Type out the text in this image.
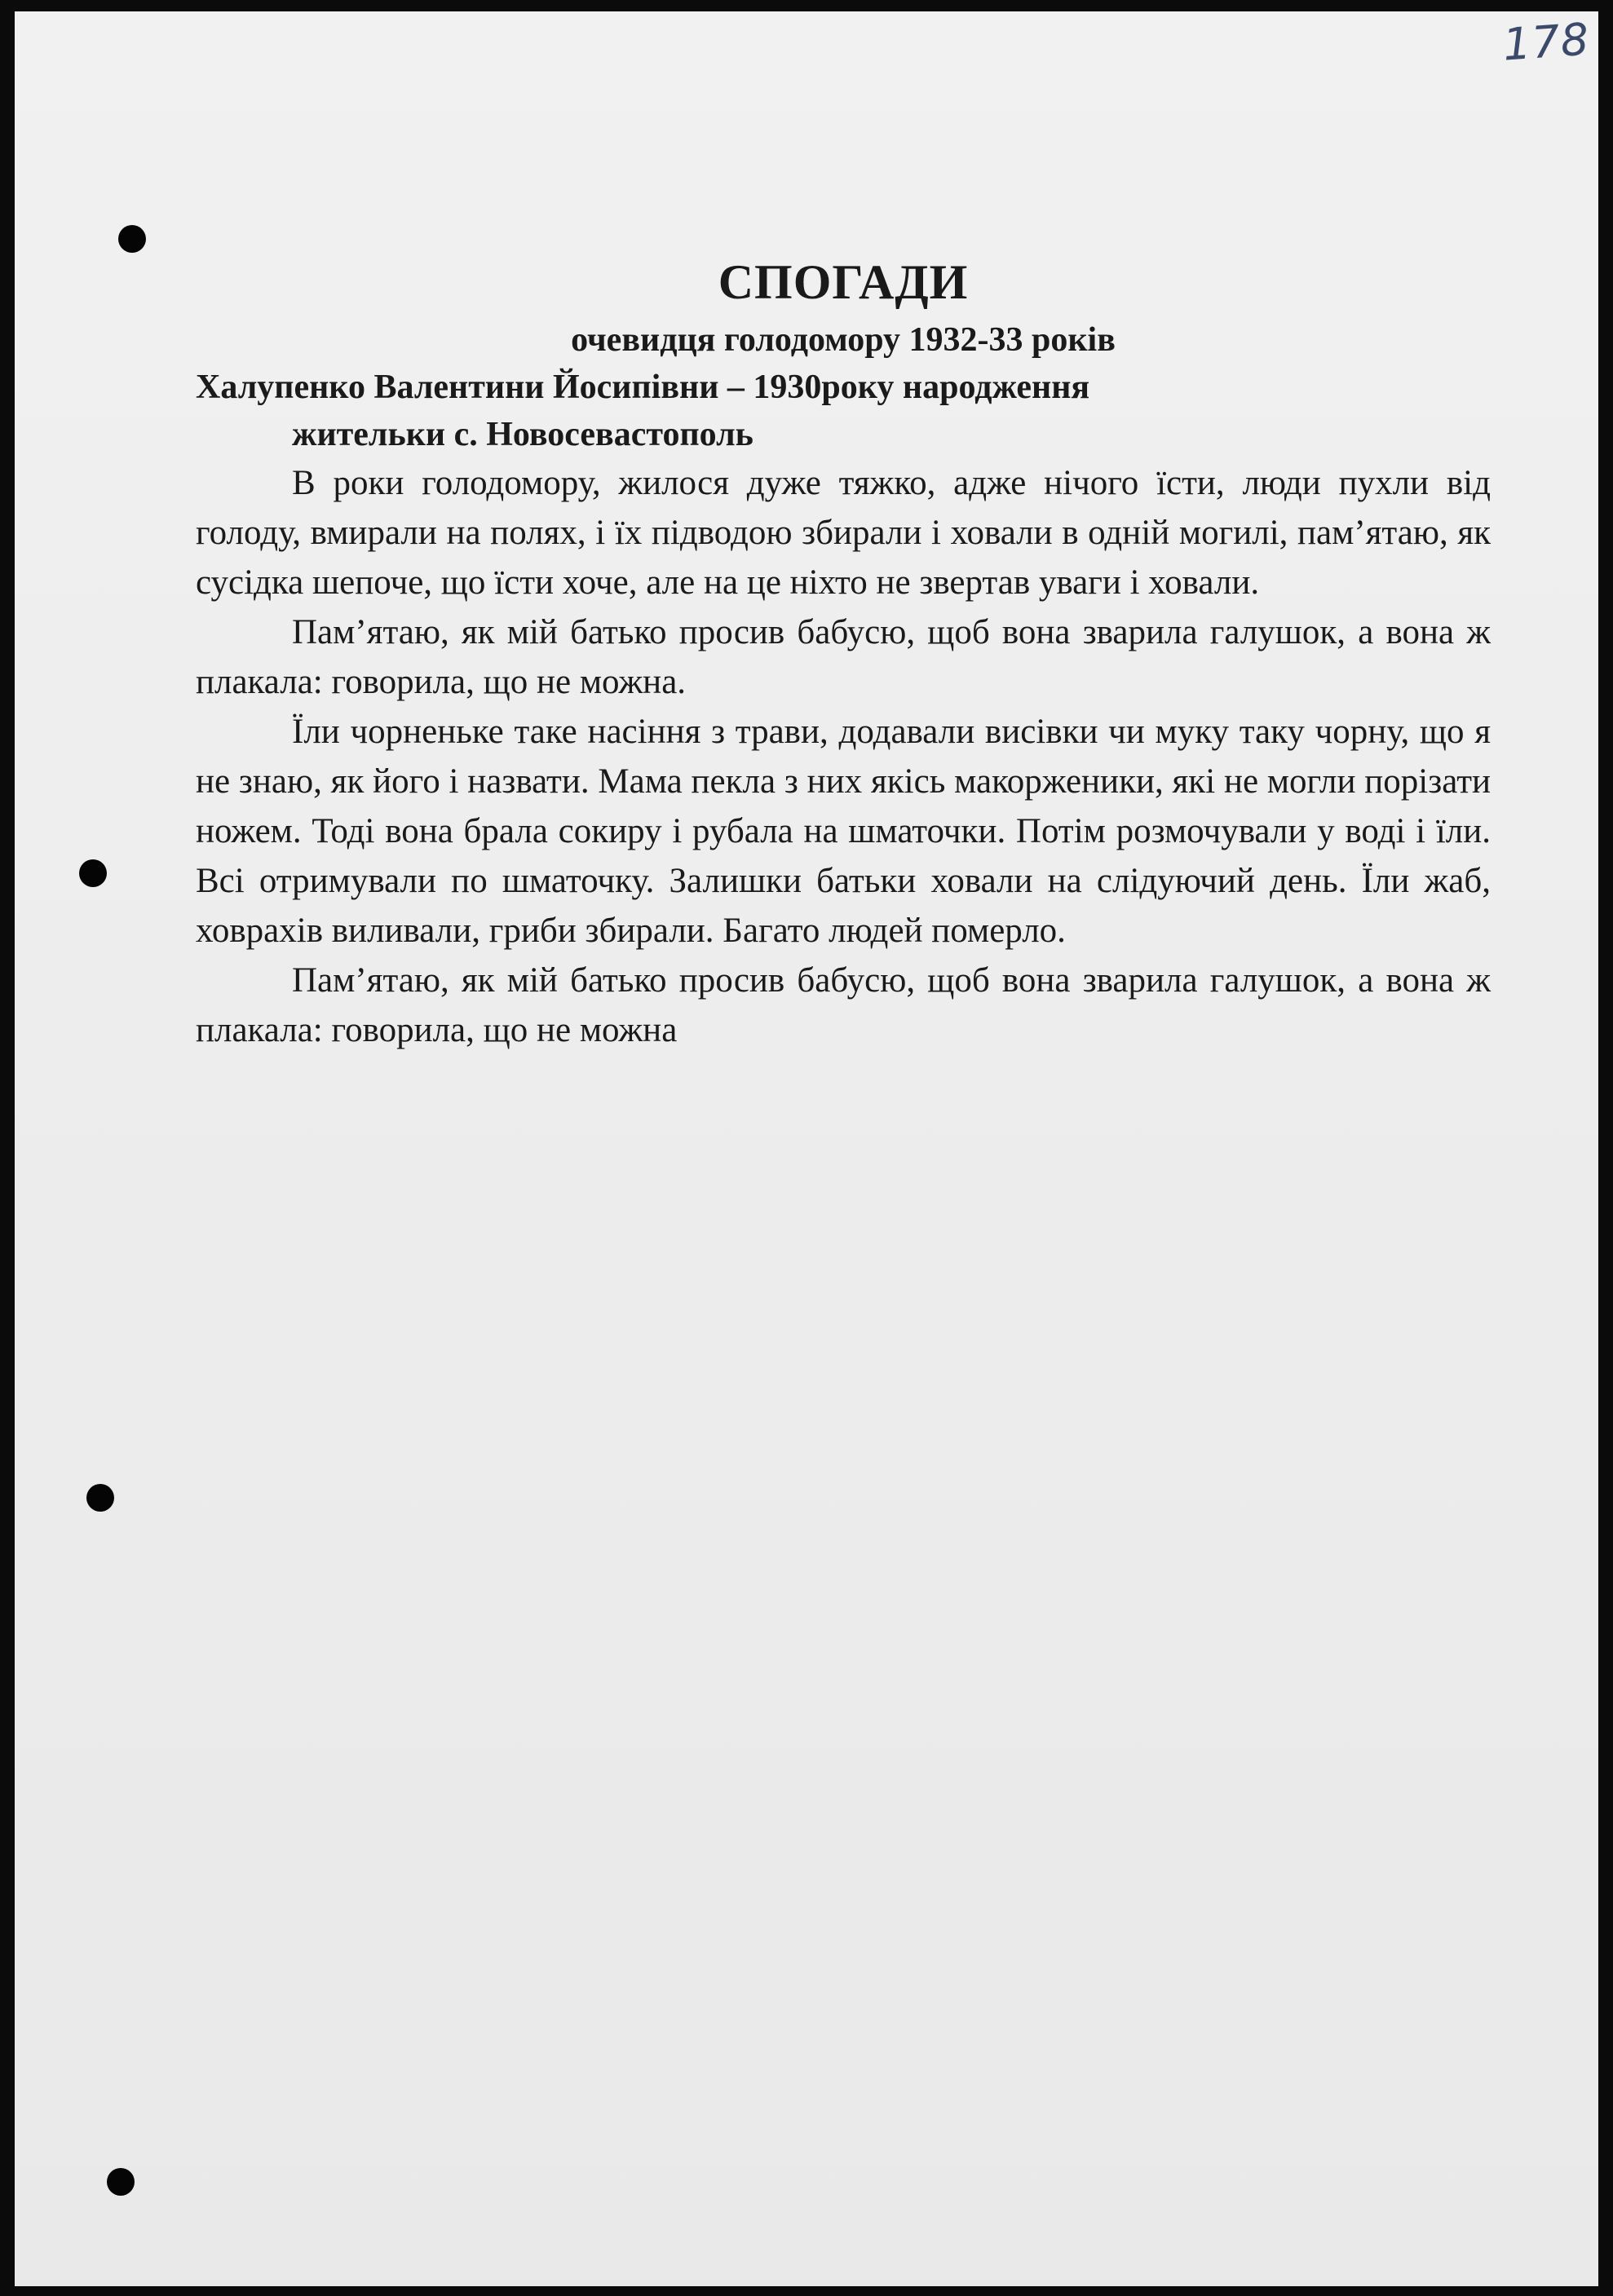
178
СПОГАДИ

очевидця голодомору 1932-33 років

Халупенко Валентини Йосипівни – 1930року народження

жительки с. Новосевастополь

В роки голодомору, жилося дуже тяжко, адже нічого їсти, люди пухли від голоду, вмирали на полях, і їх підводою збирали і ховали в одній могилі, пам’ятаю, як сусідка шепоче, що їсти хоче, але на це ніхто не звертав уваги і ховали.

Пам’ятаю, як мій батько просив бабусю, щоб вона зварила галушок, а вона ж плакала: говорила, що не можна.

Їли чорненьке таке насіння з трави, додавали висівки чи муку таку чорну, що я не знаю, як його і назвати. Мама пекла з них якісь макорженики, які не могли порізати ножем. Тоді вона брала сокиру і рубала на шматочки. Потім розмочували у воді і їли. Всі отримували по шматочку. Залишки батьки ховали на слідуючий день. Їли жаб, ховрахів виливали, гриби збирали. Багато людей померло.

Пам’ятаю, як мій батько просив бабусю, щоб вона зварила галушок, а вона ж плакала: говорила, що не можна
